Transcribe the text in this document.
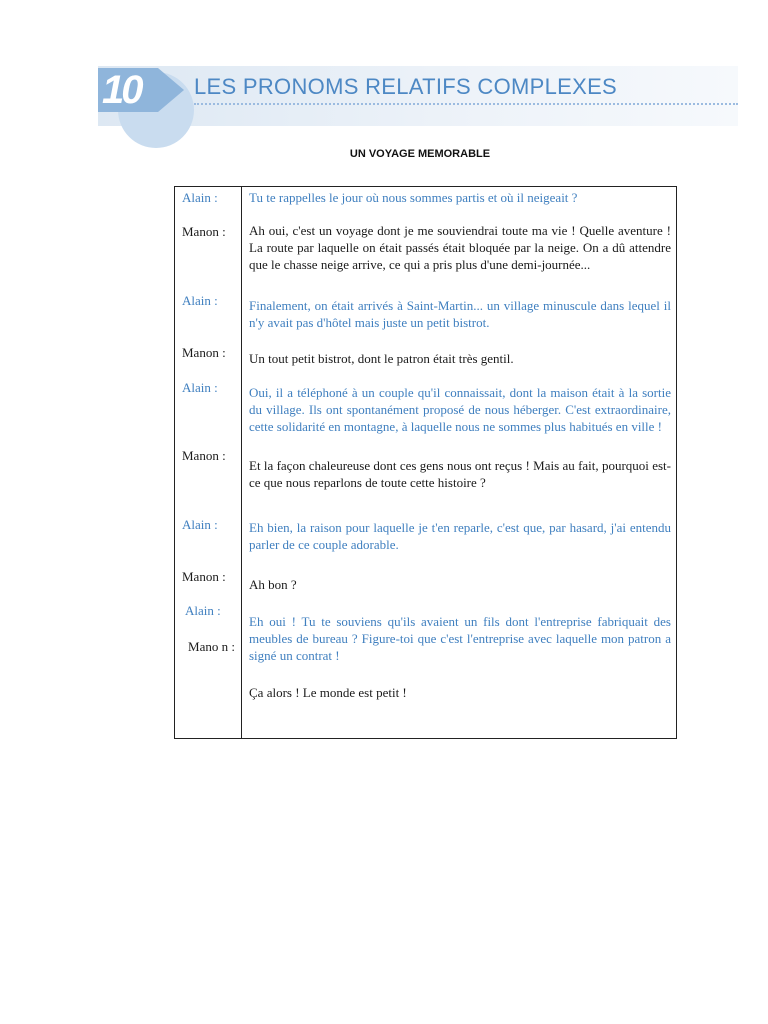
10	LES PRONOMS RELATIFS COMPLEXES
UN VOYAGE MEMORABLE
Alain : Tu te rappelles le jour où nous sommes partis et où il neigeait ?
Manon : Ah oui, c'est un voyage dont je me souviendrai toute ma vie ! Quelle aventure ! La route par laquelle on était passés était bloquée par la neige. On a dû attendre que le chasse neige arrive, ce qui a pris plus d'une demi-journée...
Alain : Finalement, on était arrivés à Saint-Martin... un village minuscule dans lequel il n'y avait pas d'hôtel mais juste un petit bistrot.
Manon : Un tout petit bistrot, dont le patron était très gentil.
Alain : Oui, il a téléphoné à un couple qu'il connaissait, dont la maison était à la sortie du village. Ils ont spontanément proposé de nous héberger. C'est extraordinaire, cette solidarité en montagne, à laquelle nous ne sommes plus habitués en ville !
Manon :
Et la façon chaleureuse dont ces gens nous ont reçus ! Mais au fait, pourquoi est-ce que nous reparlons de toute cette histoire ?
Alain : Eh bien, la raison pour laquelle je t'en reparle, c'est que, par hasard, j'ai entendu parler de ce couple adorable.
Manon :
Ah bon ?
Alain :
Eh oui ! Tu te souviens qu'ils avaient un fils dont l'entreprise fabriquait des meubles de bureau ? Figure-toi que c'est l'entreprise avec laquelle mon patron a signé un contrat !
Mano n :
Ça alors ! Le monde est petit !
